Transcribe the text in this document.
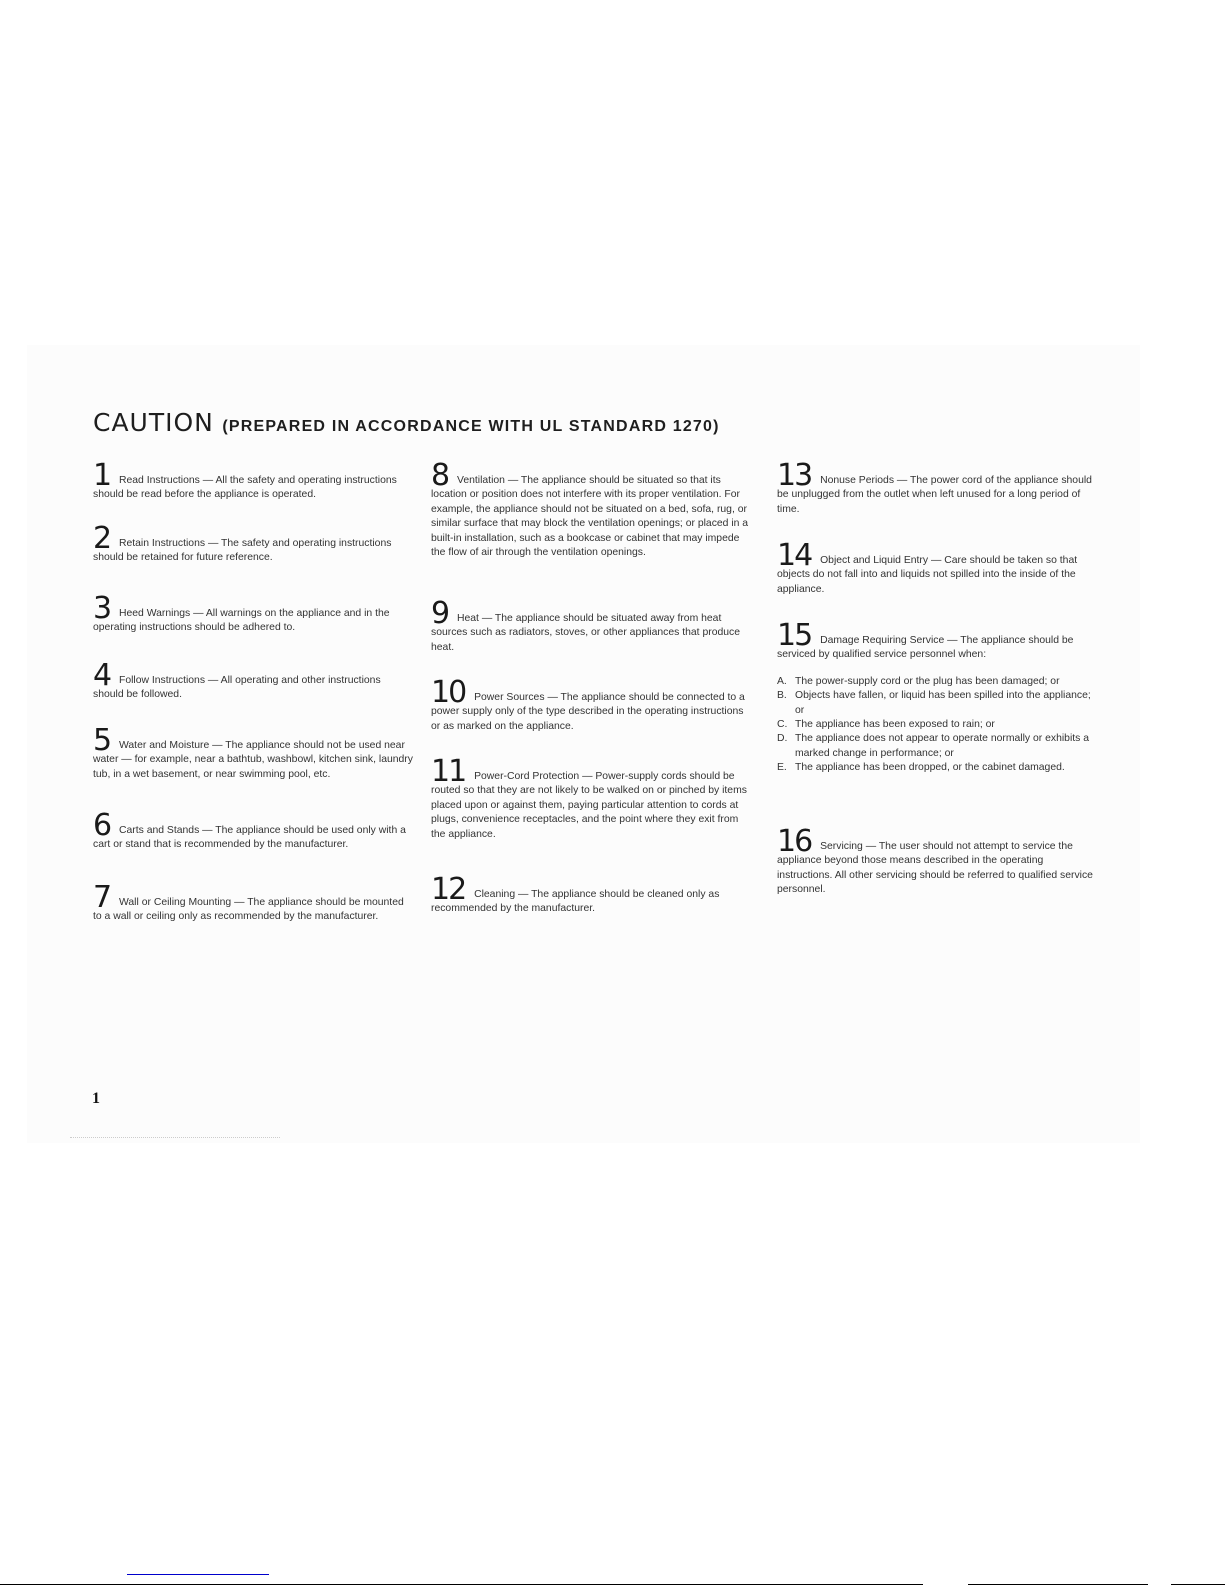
CAUTION (PREPARED IN ACCORDANCE WITH UL STANDARD 1270)
1 Read Instructions — All the safety and operating instructions should be read before the appliance is operated.
2 Retain Instructions — The safety and operating instructions should be retained for future reference.
3 Heed Warnings — All warnings on the appliance and in the operating instructions should be adhered to.
4 Follow Instructions — All operating and other instructions should be followed.
5 Water and Moisture — The appliance should not be used near water — for example, near a bathtub, washbowl, kitchen sink, laundry tub, in a wet basement, or near swimming pool, etc.
6 Carts and Stands — The appliance should be used only with a cart or stand that is recommended by the manufacturer.
7 Wall or Ceiling Mounting — The appliance should be mounted to a wall or ceiling only as recommended by the manufacturer.
8 Ventilation — The appliance should be situated so that its location or position does not interfere with its proper ventilation. For example, the appliance should not be situated on a bed, sofa, rug, or similar surface that may block the ventilation openings; or placed in a built-in installation, such as a bookcase or cabinet that may impede the flow of air through the ventilation openings.
9 Heat — The appliance should be situated away from heat sources such as radiators, stoves, or other appliances that produce heat.
10 Power Sources — The appliance should be connected to a power supply only of the type described in the operating instructions or as marked on the appliance.
11 Power-Cord Protection — Power-supply cords should be routed so that they are not likely to be walked on or pinched by items placed upon or against them, paying particular attention to cords at plugs, convenience receptacles, and the point where they exit from the appliance.
12 Cleaning — The appliance should be cleaned only as recommended by the manufacturer.
13 Nonuse Periods — The power cord of the appliance should be unplugged from the outlet when left unused for a long period of time.
14 Object and Liquid Entry — Care should be taken so that objects do not fall into and liquids not spilled into the inside of the appliance.
15 Damage Requiring Service — The appliance should be serviced by qualified service personnel when:
A. The power-supply cord or the plug has been damaged; or
B. Objects have fallen, or liquid has been spilled into the appliance; or
C. The appliance has been exposed to rain; or
D. The appliance does not appear to operate normally or exhibits a marked change in performance; or
E. The appliance has been dropped, or the cabinet damaged.
16 Servicing — The user should not attempt to service the appliance beyond those means described in the operating instructions. All other servicing should be referred to qualified service personnel.
1
